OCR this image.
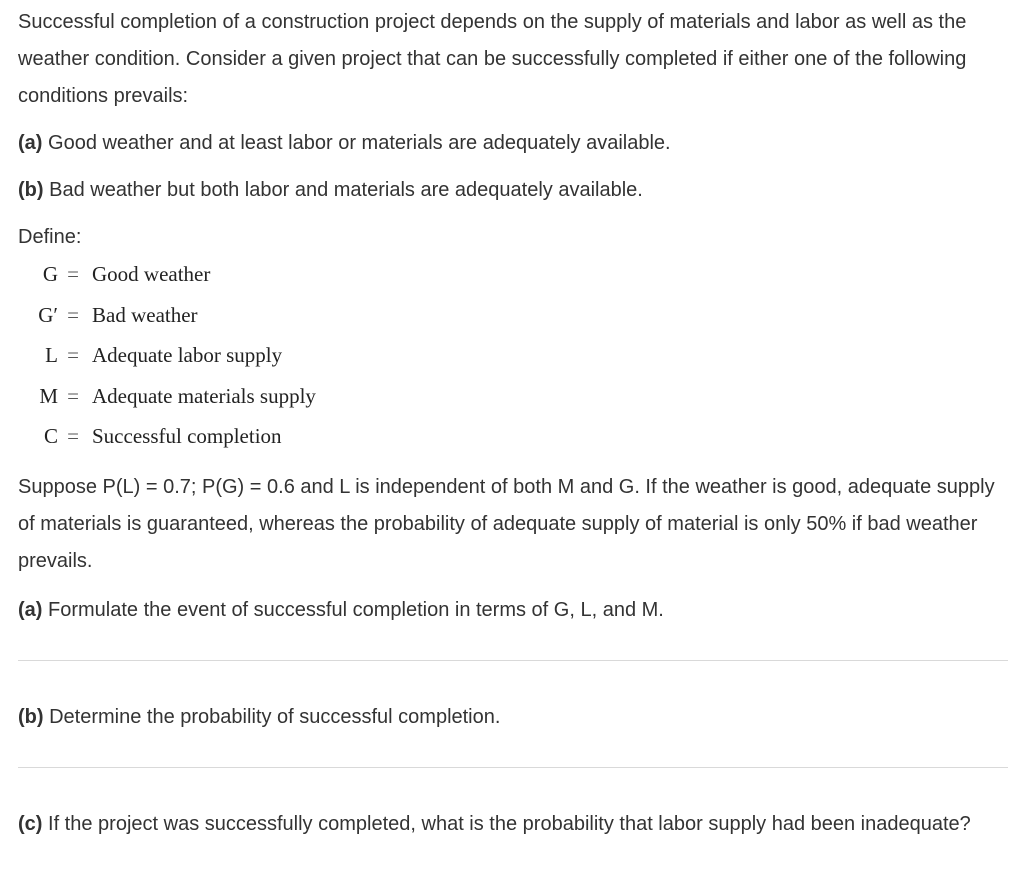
Successful completion of a construction project depends on the supply of materials and labor as well as the weather condition. Consider a given project that can be successfully completed if either one of the following conditions prevails:

(a) Good weather and at least labor or materials are adequately available.

(b) Bad weather but both labor and materials are adequately available.

Define:

G = Good weather
G′ = Bad weather
L = Adequate labor supply
M = Adequate materials supply
C = Successful completion

Suppose P(L) = 0.7; P(G) = 0.6 and L is independent of both M and G. If the weather is good, adequate supply of materials is guaranteed, whereas the probability of adequate supply of material is only 50% if bad weather prevails.

(a) Formulate the event of successful completion in terms of G, L, and M.

(b) Determine the probability of successful completion.

(c) If the project was successfully completed, what is the probability that labor supply had been inadequate?
